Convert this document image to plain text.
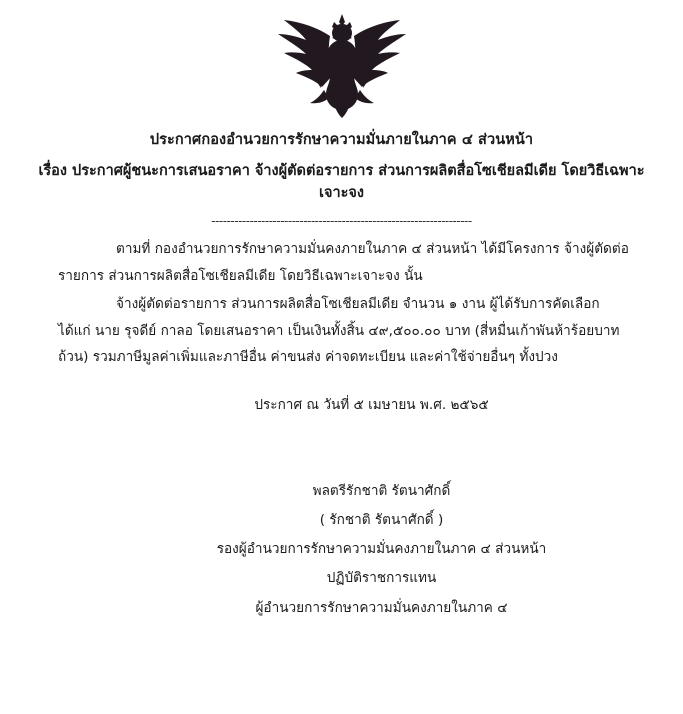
ประกาศกองอำนวยการรักษาความมั่นภายในภาค ๔ ส่วนหน้า
เรื่อง ประกาศผู้ชนะการเสนอราคา จ้างผู้ตัดต่อรายการ ส่วนการผลิตสื่อโซเชียลมีเดีย โดยวิธีเฉพาะเจาะจง
--------------------------------------------------------------------

ตามที่ กองอำนวยการรักษาความมั่นคงภายในภาค ๔ ส่วนหน้า ได้มีโครงการ จ้างผู้ตัดต่อรายการ ส่วนการผลิตสื่อโซเชียลมีเดีย โดยวิธีเฉพาะเจาะจง นั้น

จ้างผู้ตัดต่อรายการ ส่วนการผลิตสื่อโซเชียลมีเดีย จำนวน ๑ งาน ผู้ได้รับการคัดเลือก ได้แก่ นาย รุจดีย์ กาลอ โดยเสนอราคา เป็นเงินทั้งสิ้น ๔๙,๕๐๐.๐๐ บาท (สี่หมื่นเก้าพันห้าร้อยบาทถ้วน) รวมภาษีมูลค่าเพิ่มและภาษีอื่น ค่าขนส่ง ค่าจดทะเบียน และค่าใช้จ่ายอื่นๆ ทั้งปวง

ประกาศ ณ วันที่ ๕ เมษายน พ.ศ. ๒๕๖๕
พลตรีรักชาติ รัตนาศักดิ์
( รักชาติ รัตนาศักดิ์ )
รองผู้อำนวยการรักษาความมั่นคงภายในภาค ๔ ส่วนหน้า
ปฏิบัติราชการแทน
ผู้อำนวยการรักษาความมั่นคงภายในภาค ๔
